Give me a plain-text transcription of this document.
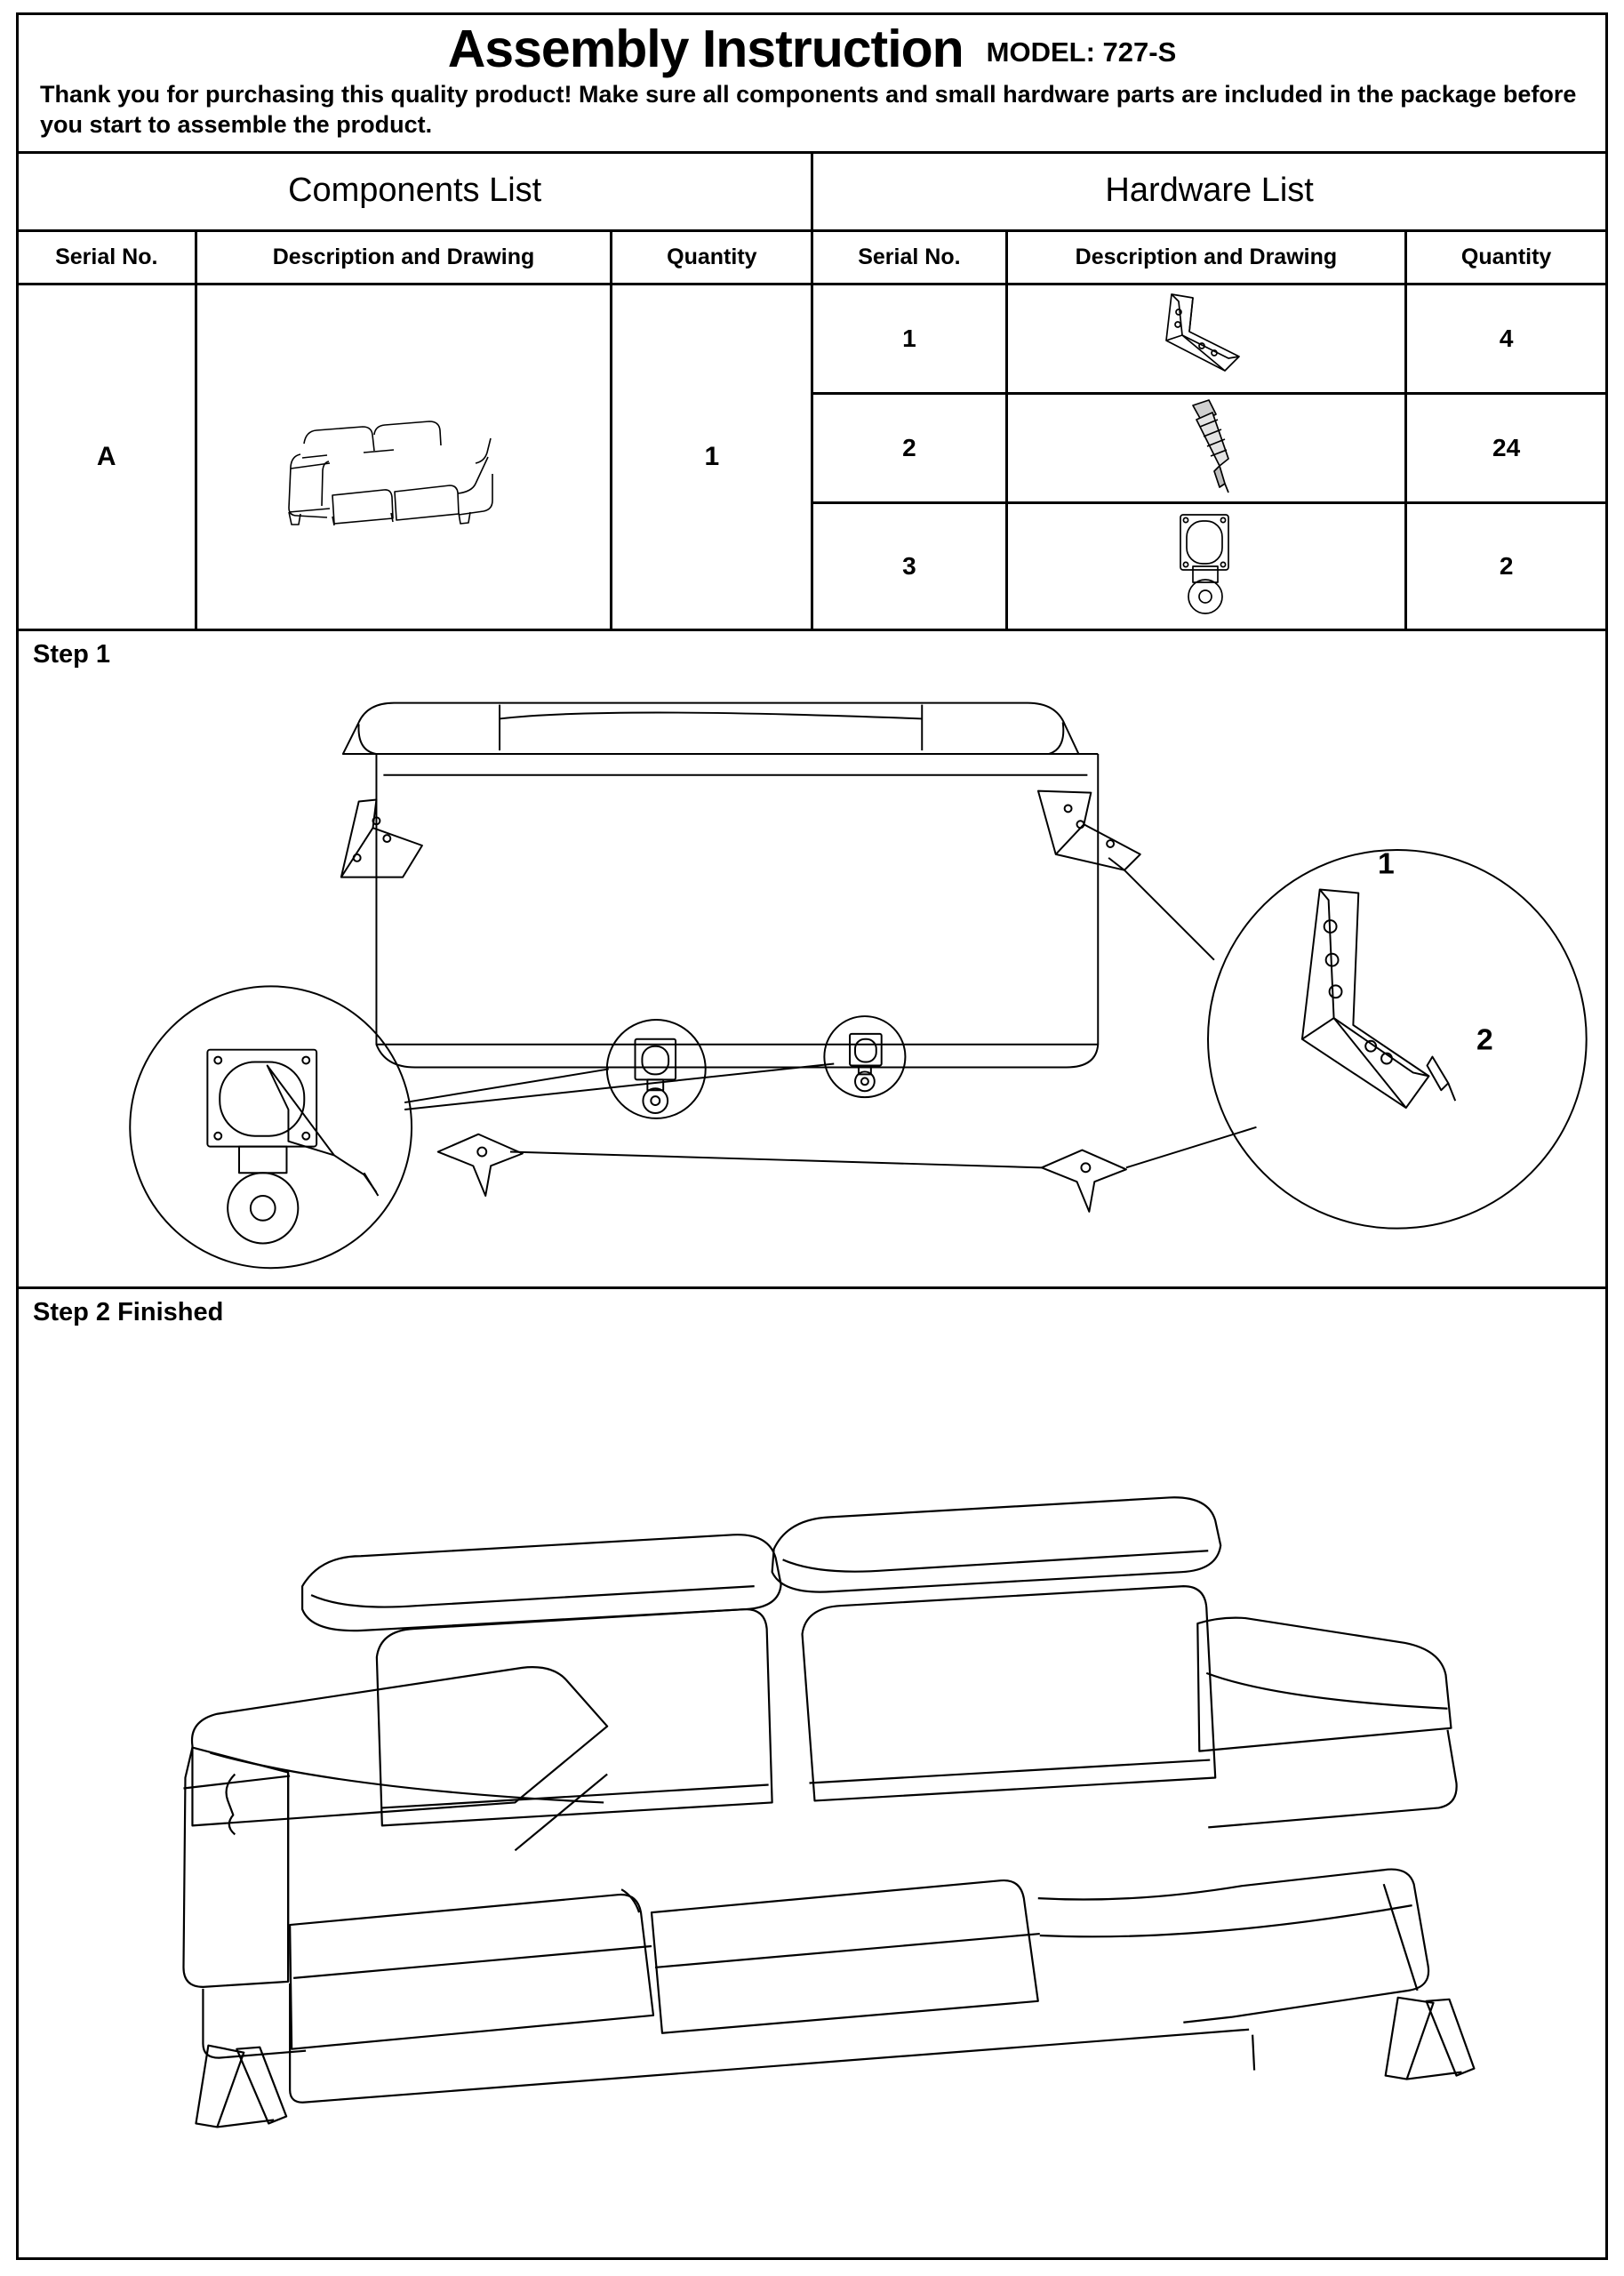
Assembly Instruction MODEL: 727-S
Thank you for purchasing this quality product! Make sure all components and small hardware parts are included in the package before you start to assemble the product.
Components List
Serial No.	Description and Drawing	Quantity
A	1
Hardware List
Serial No.	Description and Drawing	Quantity
1	4
2	24
3	2
Step 1
1
2
Step 2 Finished
